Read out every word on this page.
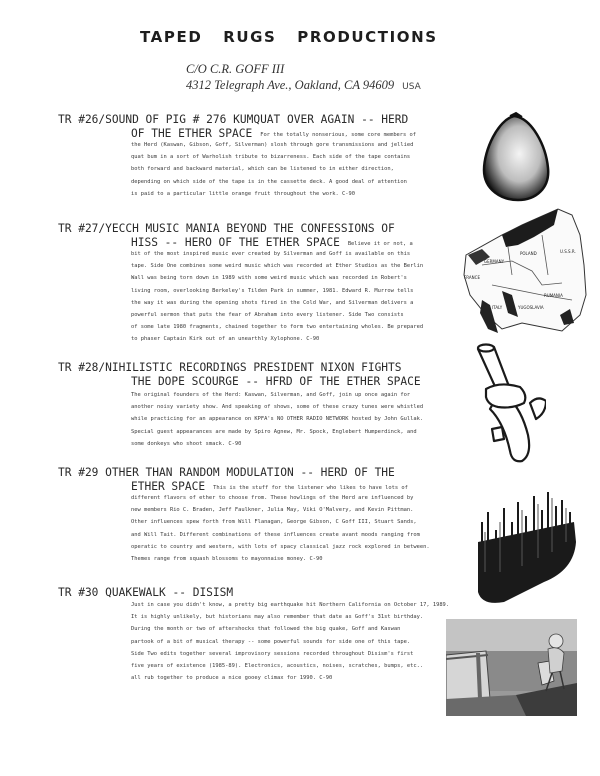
TAPED RUGS PRODUCTIONS
C/O C.R. GOFF III
4312 Telegraph Ave., Oakland, CA 94609 USA
TR #26/SOUND OF PIG # 276 KUMQUAT OVER AGAIN -- HERD
OF THE ETHER SPACE For the totally nonserious, some core members of
the Herd (Kaswan, Gibson, Goff, Silverman) slosh through gore transmissions and jellied
quat bum in a sort of Warholish tribute to bizarreness. Each side of the tape contains
both forward and backward material, which can be listened to in either direction,
depending on which side of the tape is in the cassette deck. A good deal of attention
is paid to a particular little orange fruit throughout the work. C-90
TR #27/YECCH MUSIC MANIA BEYOND THE CONFESSIONS OF
HISS -- HERO OF THE ETHER SPACE Believe it or not, a
bit of the most inspired music ever created by Silverman and Goff is available on this
tape. Side One combines some weird music which was recorded at Ether Studios as the Berlin
Wall was being torn down in 1989 with some weird music which was recorded in Robert's
living room, overlooking Berkeley's Tilden Park in summer, 1981. Edward R. Murrow tells
the way it was during the opening shots fired in the Cold War, and Silverman delivers a
powerful sermon that puts the fear of Abraham into every listener. Side Two consists
of some late 1980 fragments, chained together to form two entertaining wholes. Be prepared
to phaser Captain Kirk out of an unearthly Xylophone. C-90
GERMANY
POLAND	U.S.S.R.
FRANCE
RUMANIA
YUGOSLAVIA
ITALY
TR #28/NIHILISTIC RECORDINGS PRESIDENT NIXON FIGHTS
THE DOPE SCOURGE -- HFRD OF THE ETHER SPACE
The original founders of the Herd: Kaswan, Silverman, and Goff, join up once again for
another noisy variety show. And speaking of shows, some of these crazy tunes were whistled
while practicing for an appearance on KPFA's NO OTHER RADIO NETWORK hosted by John Gullak.
Special guest appearances are made by Spiro Agnew, Mr. Spock, Englebert Humperdinck, and
some donkeys who shoot smack. C-90
TR #29 OTHER THAN RANDOM MODULATION -- HERD OF THE
ETHER SPACE This is the stuff for the listener who likes to have lots of
different flavors of ether to choose from. These howlings of the Herd are influenced by
new members Rio C. Braden, Jeff Faulkner, Julia May, Viki O'Malvery, and Kevin Pittman.
Other influences spew forth from Will Flanagan, George Gibson, C Goff III, Stuart Sands,
and Will Tait. Different combinations of these influences create avant moods ranging from
operatic to country and western, with lots of spacy classical jazz rock explored in between.
Themes range from squash blossoms to mayonnaise money. C-90
TR #30 QUAKEWALK -- DISISM
Just in case you didn't know, a pretty big earthquake hit Northern California on October 17, 1989.
It is highly unlikely, but historians may also remember that date as Goff's 31st birthday.
During the month or two of aftershocks that followed the big quake, Goff and Kaswan
partook of a bit of musical therapy -- some powerful sounds for side one of this tape.
Side Two edits together several improvisory sessions recorded throughout Disism's first
five years of existence (1985-89). Electronics, acoustics, noises, scratches, bumps, etc..
all rub together to produce a nice gooey climax for 1990. C-90
